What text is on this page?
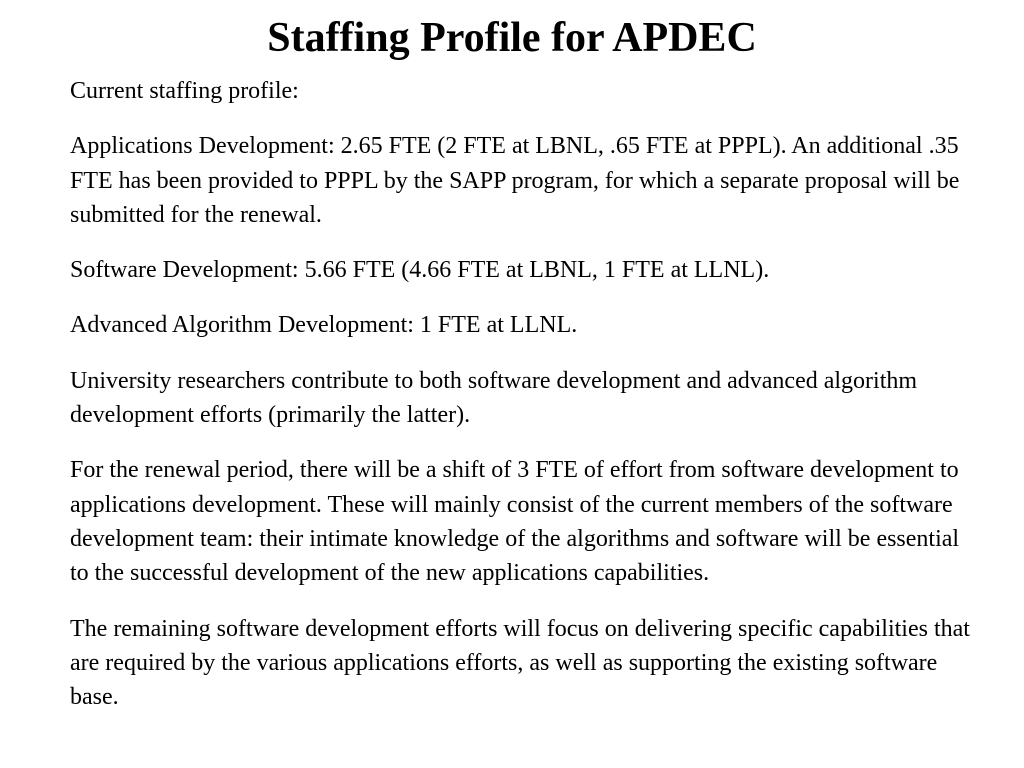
Staffing Profile for APDEC

Current staffing profile:

Applications Development: 2.65 FTE (2 FTE at LBNL, .65 FTE at PPPL). An additional .35 FTE has been provided to PPPL by the SAPP program, for which a separate proposal will be submitted for the renewal.

Software Development: 5.66 FTE (4.66 FTE at LBNL, 1 FTE at LLNL).

Advanced Algorithm Development: 1 FTE at LLNL.

University researchers contribute to both software development and advanced algorithm development efforts (primarily the latter).

For the renewal period, there will be a shift of 3 FTE of effort from software development to applications development. These will mainly consist of the current members of the software development team: their intimate knowledge of the algorithms and software will be essential to the successful development of the new applications capabilities.

The remaining software development efforts will focus on delivering specific capabilities that are required by the various applications efforts, as well as supporting the existing software base.
